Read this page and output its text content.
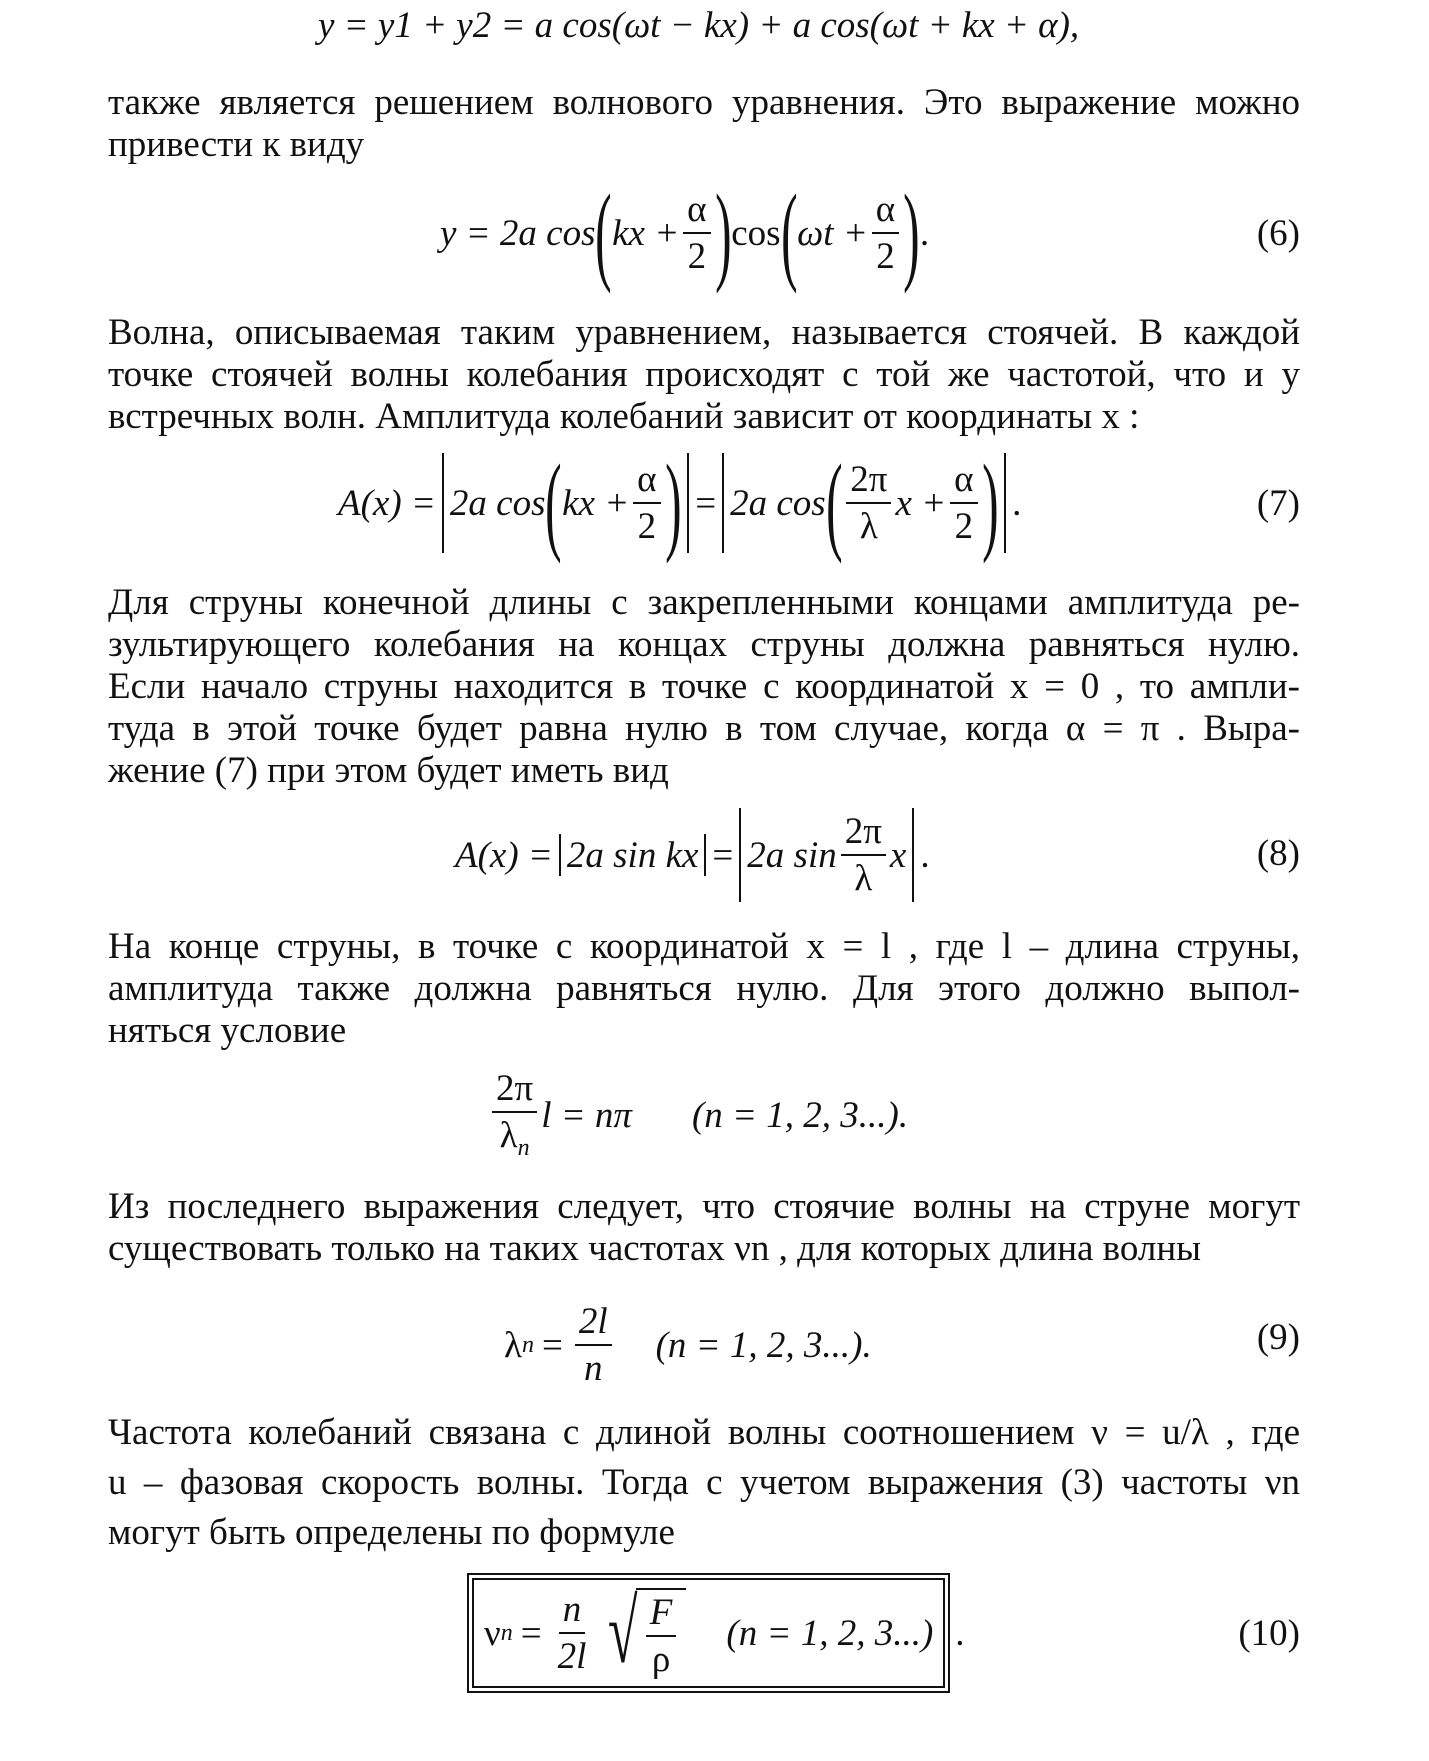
y = y1 + y2 = a cos(ωt − kx) + a cos(ωt + kx + α),
также является решением волнового уравнения. Это выражение можно
привести к виду
y = 2a cos ( kx + $\frac{\alpha}{2}$ ) cos ( $\omega t + \frac{\alpha}{2}$ ) .	(6)
Волна, описываемая таким уравнением, называется стоячей. В каждой
точке стоячей волны колебания происходят с той же частотой, что и у
встречных волн. Амплитуда колебаний зависит от координаты x :
A(x) = 2a cos ( kx + $\frac{\alpha}{2}$ ) = 2a cos ( $\frac{2\pi}{\lambda}$ $x + \frac{\alpha}{2}$ ) .	(7)
Для струны конечной длины с закрепленными концами амплитуда ре-
зультирующего колебания на концах струны должна равняться нулю.
Если начало струны находится в точке с координатой x = 0 , то ампли-
туда в этой точке будет равна нулю в том случае, когда α = π . Выра-
жение (7) при этом будет иметь вид
A(x) = 2a sin kx = 2a $\sin \frac{2\pi}{\lambda}$ x .	(8)
На конце струны, в точке с координатой x = l , где l – длина струны,
амплитуда также должна равняться нулю. Для этого должно выпол-
няться условие
$\frac{2\pi}{\lambda_n}$ l = nπ (n = 1, 2, 3...).
Из последнего выражения следует, что стоячие волны на струне могут
существовать только на таких частотах νn , для которых длина волны
λ $n = \frac{2l}{n} (n = 1$, 2, 3...).	(9)
Частота колебаний связана с длиной волны соотношением ν = u/λ , где
u – фазовая скорость волны. Тогда с учетом выражения (3) частоты νn
могут быть определены по формуле
ν $n = \frac{n}{2l}$ √ $\frac{F}{\rho} (n = 1$, 2, 3...) .	(10)
